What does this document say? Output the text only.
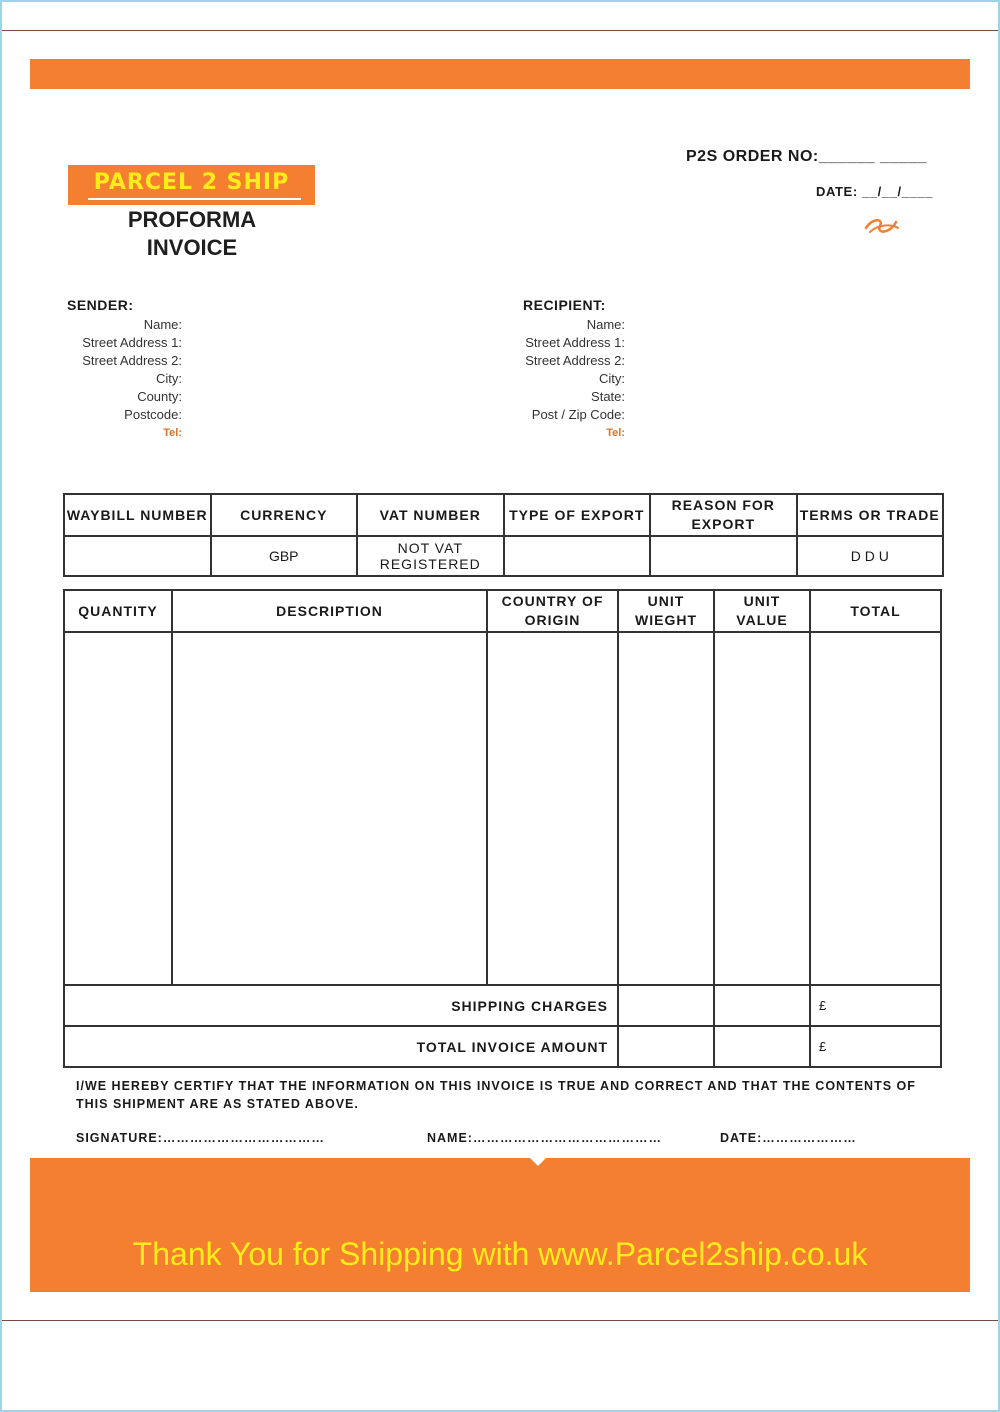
PARCEL 2 SHIP
PROFORMA
INVOICE
P2S ORDER NO:______ _____
DATE: __/__/____
SENDER:
Name:
Street Address 1:
Street Address 2:
City:
County:
Postcode:
Tel:
RECIPIENT:
Name:
Street Address 1:
Street Address 2:
City:
State:
Post / Zip Code:
Tel:
WAYBILL NUMBER	CURRENCY	VAT NUMBER	TYPE OF EXPORT	REASON FOR EXPORT	TERMS OR TRADE
	GBP	NOT VAT REGISTERED			D D U
QUANTITY	DESCRIPTION	COUNTRY OF ORIGIN	UNIT WIEGHT	UNIT VALUE	TOTAL

SHIPPING CHARGES					£
TOTAL INVOICE AMOUNT					£
I/WE HEREBY CERTIFY THAT THE INFORMATION ON THIS INVOICE IS TRUE AND CORRECT AND THAT THE CONTENTS OF THIS SHIPMENT ARE AS STATED ABOVE.
SIGNATURE:………………………………	NAME:……………………………………	DATE:…………………
Thank You for Shipping with www.Parcel2ship.co.uk
